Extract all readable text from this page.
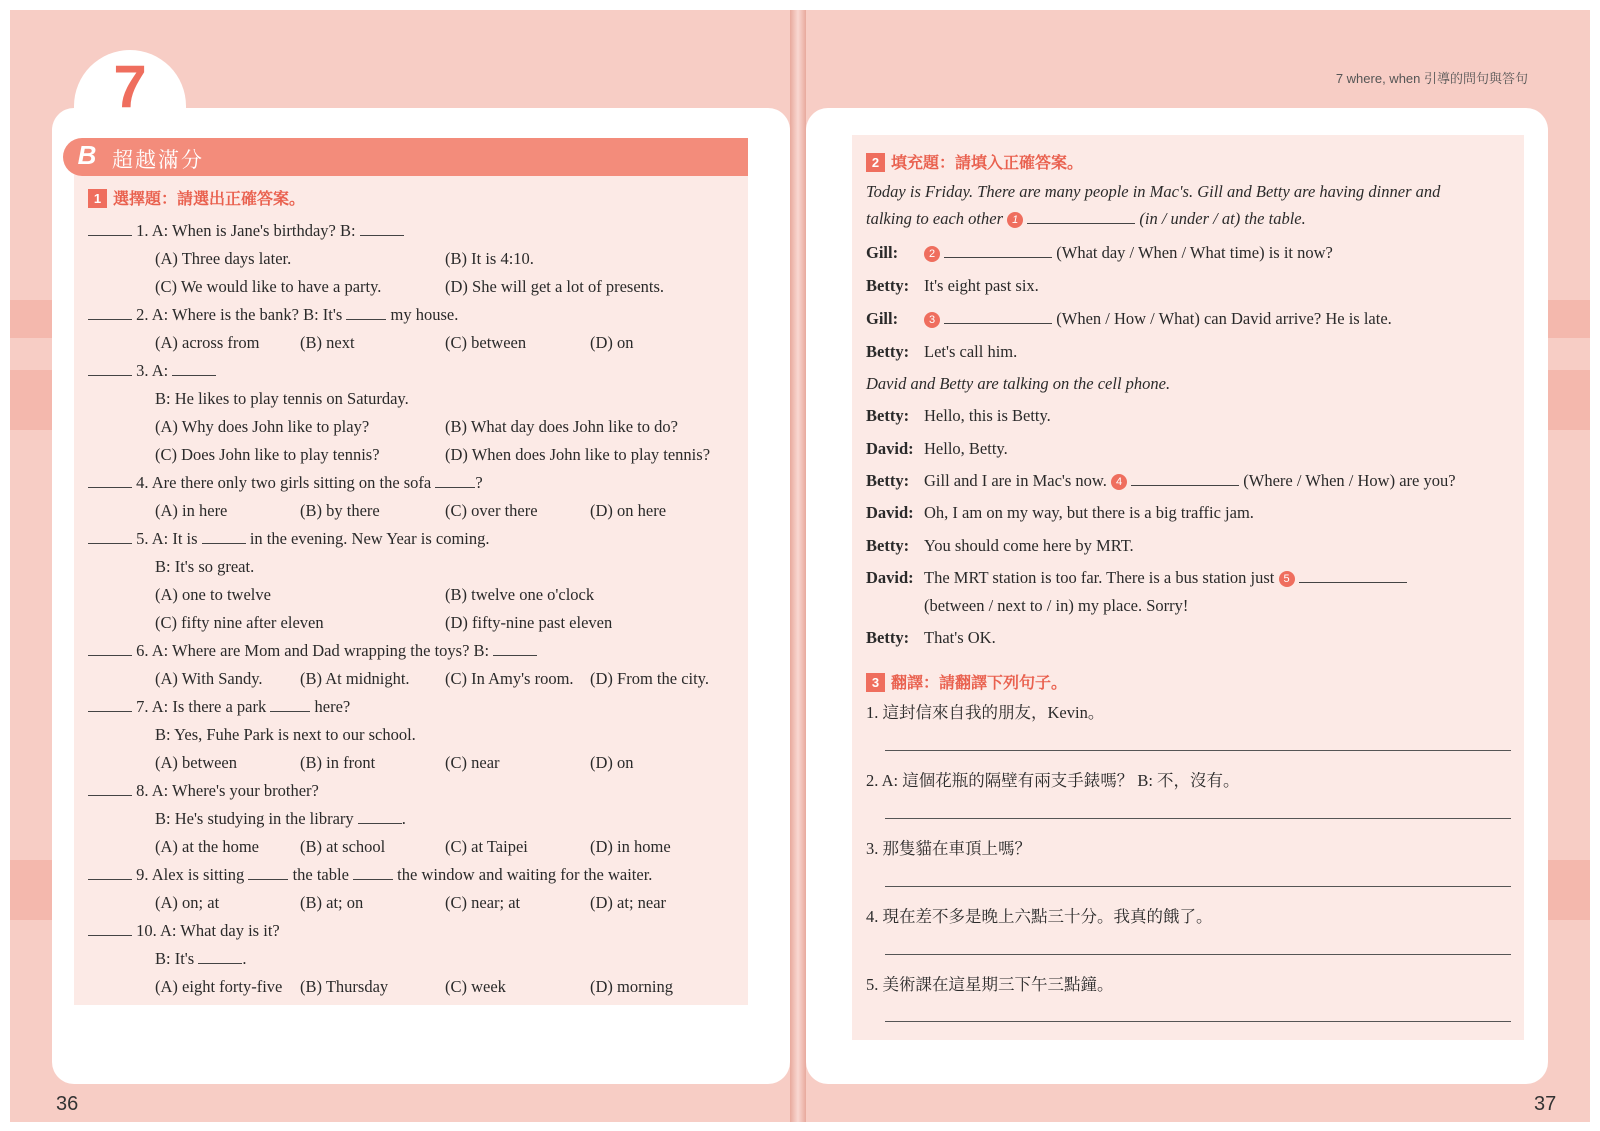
7	7 where, when 引導的問句與答句
36	37
B 超越滿分
1 選擇題：請選出正確答案。
1. A: When is Jane's birthday? B:
(A) Three days later.	(B) It is 4:10.
(C) We would like to have a party.	(D) She will get a lot of presents.
2. A: Where is the bank? B: It's	my house.
(A) across from (B) next	(C) between	(D) on
3. A:
B: He likes to play tennis on Saturday.
(A) Why does John like to play?	(B) What day does John like to do?
(C) Does John like to play tennis?	(D) When does John like to play tennis?
4. Are there only two girls sitting on the sofa	?
(A) in here	(B) by there	(C) over there	(D) on here
5. A: It is	in the evening. New Year is coming.
B: It's so great.
(A) one to twelve	(B) twelve one o'clock
(C) fifty nine after eleven	(D) fifty-nine past eleven
6. A: Where are Mom and Dad wrapping the toys? B:
(A) With Sandy. (B) At midnight. (C) In Amy's room. (D) From the city.
7. A: Is there a park	here?
B: Yes, Fuhe Park is next to our school.
(A) between	(B) in front	(C) near	(D) on
8. A: Where's your brother?
B: He's studying in the library	.
(A) at the home (B) at school	(C) at Taipei	(D) in home
9. Alex is sitting	the table	the window and waiting for the waiter.
(A) on; at	(B) at; on	(C) near; at	(D) at; near
10. A: What day is it?
B: It's	.
(A) eight forty-five (B) Thursday	(C) week	(D) morning
2 填充題：請填入正確答案。
Today is Friday. There are many people in Mac's. Gill and Betty are having dinner and
talking to each other 1	(in / under / at) the table.
Gill:	2	(What day / When / What time) is it now?
Betty: It's eight past six.
Gill:	3	(When / How / What) can David arrive? He is late.
Betty: Let's call him.
David and Betty are talking on the cell phone.
Betty: Hello, this is Betty.
David: Hello, Betty.
Betty: Gill and I are in Mac's now. 4	(Where / When / How) are you?
David: Oh, I am on my way, but there is a big traffic jam.
Betty: You should come here by MRT.
David: The MRT station is too far. There is a bus station just 5
(between / next to / in) my place. Sorry!
Betty: That's OK.
3 翻譯：請翻譯下列句子。
1. 這封信來自我的朋友，Kevin。
2. A: 這個花瓶的隔壁有兩支手錶嗎？ B: 不，沒有。
3. 那隻貓在車頂上嗎？
4. 現在差不多是晚上六點三十分。我真的餓了。
5. 美術課在這星期三下午三點鐘。
